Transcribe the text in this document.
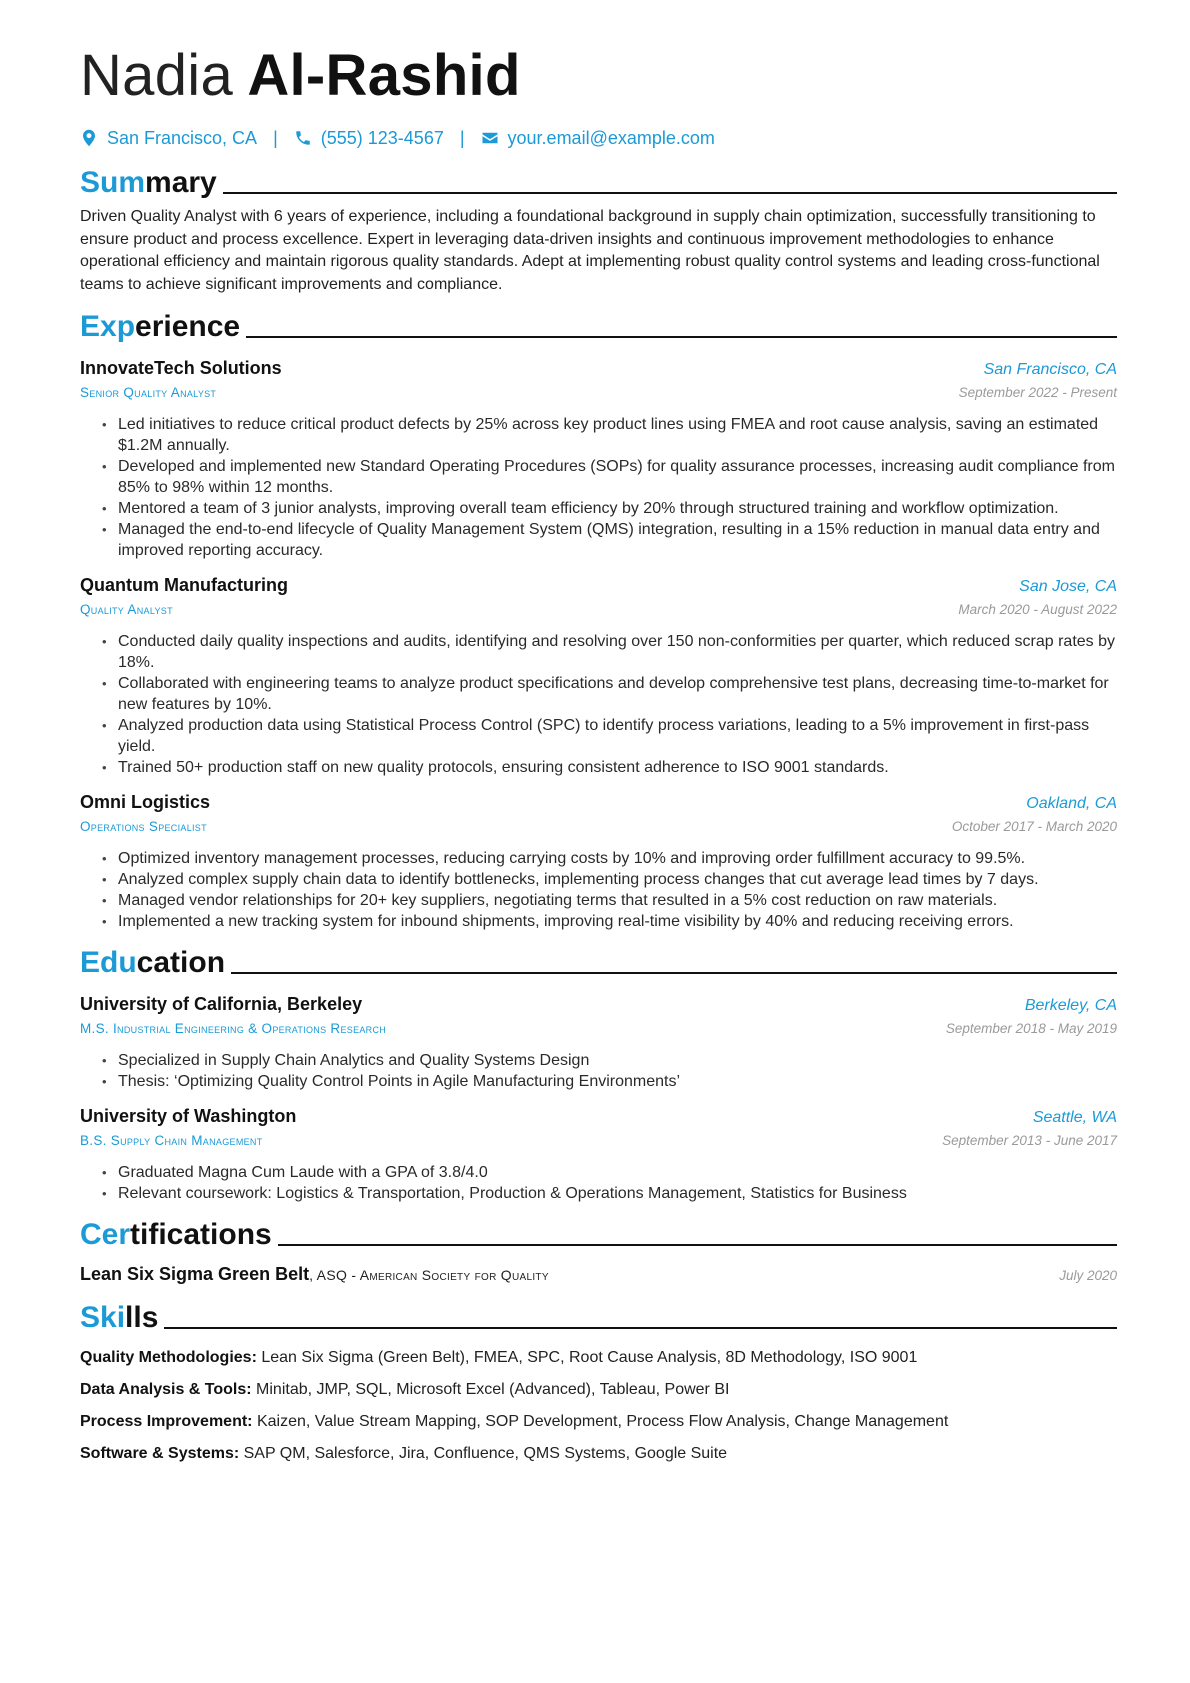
Nadia Al-Rashid
San Francisco, CA | (555) 123-4567 | your.email@example.com
Summary

Driven Quality Analyst with 6 years of experience, including a foundational background in supply chain optimization, successfully transitioning to ensure product and process excellence. Expert in leveraging data-driven insights and continuous improvement methodologies to enhance operational efficiency and maintain rigorous quality standards. Adept at implementing robust quality control systems and leading cross-functional teams to achieve significant improvements and compliance.

Experience
InnovateTech Solutions	San Francisco, CA
Senior Quality Analyst	September 2022 - Present
• Led initiatives to reduce critical product defects by 25% across key product lines using FMEA and root cause analysis, saving an estimated $1.2M annually.
• Developed and implemented new Standard Operating Procedures (SOPs) for quality assurance processes, increasing audit compliance from 85% to 98% within 12 months.
• Mentored a team of 3 junior analysts, improving overall team efficiency by 20% through structured training and workflow optimization.
• Managed the end-to-end lifecycle of Quality Management System (QMS) integration, resulting in a 15% reduction in manual data entry and improved reporting accuracy.
Quantum Manufacturing	San Jose, CA
Quality Analyst	March 2020 - August 2022
• Conducted daily quality inspections and audits, identifying and resolving over 150 non-conformities per quarter, which reduced scrap rates by 18%.
• Collaborated with engineering teams to analyze product specifications and develop comprehensive test plans, decreasing time-to-market for new features by 10%.
• Analyzed production data using Statistical Process Control (SPC) to identify process variations, leading to a 5% improvement in first-pass yield.
• Trained 50+ production staff on new quality protocols, ensuring consistent adherence to ISO 9001 standards.
Omni Logistics	Oakland, CA
Operations Specialist	October 2017 - March 2020
• Optimized inventory management processes, reducing carrying costs by 10% and improving order fulfillment accuracy to 99.5%.
• Analyzed complex supply chain data to identify bottlenecks, implementing process changes that cut average lead times by 7 days.
• Managed vendor relationships for 20+ key suppliers, negotiating terms that resulted in a 5% cost reduction on raw materials.
• Implemented a new tracking system for inbound shipments, improving real-time visibility by 40% and reducing receiving errors.
Education
University of California, Berkeley	Berkeley, CA
M.S. Industrial Engineering & Operations Research	September 2018 - May 2019
• Specialized in Supply Chain Analytics and Quality Systems Design
• Thesis: ‘Optimizing Quality Control Points in Agile Manufacturing Environments’
University of Washington	Seattle, WA
B.S. Supply Chain Management	September 2013 - June 2017
• Graduated Magna Cum Laude with a GPA of 3.8/4.0
• Relevant coursework: Logistics & Transportation, Production & Operations Management, Statistics for Business
Certifications
Lean Six Sigma Green Belt, ASQ - American Society for Quality	July 2020
Skills

Quality Methodologies: Lean Six Sigma (Green Belt), FMEA, SPC, Root Cause Analysis, 8D Methodology, ISO 9001

Data Analysis & Tools: Minitab, JMP, SQL, Microsoft Excel (Advanced), Tableau, Power BI

Process Improvement: Kaizen, Value Stream Mapping, SOP Development, Process Flow Analysis, Change Management

Software & Systems: SAP QM, Salesforce, Jira, Confluence, QMS Systems, Google Suite
